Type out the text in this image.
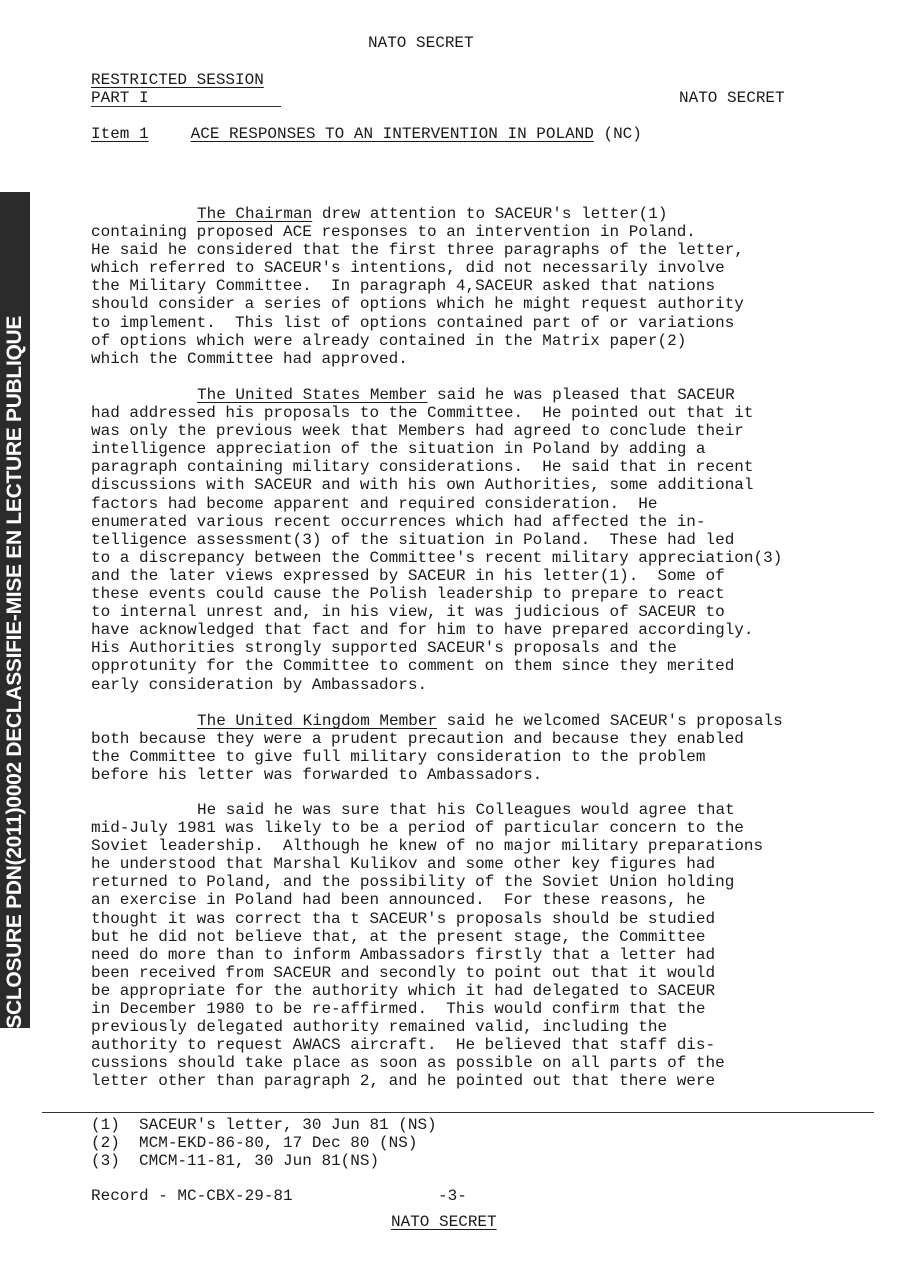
DECLASSIFIED-PUBLIC DISCLOSURE PDN(2011)0002 DECLASSIFIE-MISE EN LECTURE PUBLIQUE
NATO SECRET
RESTRICTED SESSION
PART I	NATO SECRET
Item 1	ACE RESPONSES TO AN INTERVENTION IN POLAND (NC)
The Chairman drew attention to SACEUR's letter(1)
containing proposed ACE responses to an intervention in Poland.
He said he considered that the first three paragraphs of the letter,
which referred to SACEUR's intentions, did not necessarily involve
the Military Committee.  In paragraph 4,SACEUR asked that nations
should consider a series of options which he might request authority
to implement.  This list of options contained part of or variations
of options which were already contained in the Matrix paper(2)
which the Committee had approved.
The United States Member said he was pleased that SACEUR
had addressed his proposals to the Committee.  He pointed out that it
was only the previous week that Members had agreed to conclude their
intelligence appreciation of the situation in Poland by adding a
paragraph containing military considerations.  He said that in recent
discussions with SACEUR and with his own Authorities, some additional
factors had become apparent and required consideration.  He
enumerated various recent occurrences which had affected the in-
telligence assessment(3) of the situation in Poland.  These had led
to a discrepancy between the Committee's recent military appreciation(3)
and the later views expressed by SACEUR in his letter(1).  Some of
these events could cause the Polish leadership to prepare to react
to internal unrest and, in his view, it was judicious of SACEUR to
have acknowledged that fact and for him to have prepared accordingly.
His Authorities strongly supported SACEUR's proposals and the
opprotunity for the Committee to comment on them since they merited
early consideration by Ambassadors.
The United Kingdom Member said he welcomed SACEUR's proposals
both because they were a prudent precaution and because they enabled
the Committee to give full military consideration to the problem
before his letter was forwarded to Ambassadors.
He said he was sure that his Colleagues would agree that
mid-July 1981 was likely to be a period of particular concern to the
Soviet leadership.  Although he knew of no major military preparations
he understood that Marshal Kulikov and some other key figures had
returned to Poland, and the possibility of the Soviet Union holding
an exercise in Poland had been announced.  For these reasons, he
thought it was correct tha t SACEUR's proposals should be studied
but he did not believe that, at the present stage, the Committee
need do more than to inform Ambassadors firstly that a letter had
been received from SACEUR and secondly to point out that it would
be appropriate for the authority which it had delegated to SACEUR
in December 1980 to be re-affirmed.  This would confirm that the
previously delegated authority remained valid, including the
authority to request AWACS aircraft.  He believed that staff dis-
cussions should take place as soon as possible on all parts of the
letter other than paragraph 2, and he pointed out that there were
(1)  SACEUR's letter, 30 Jun 81 (NS)
(2)  MCM-EKD-86-80, 17 Dec 80 (NS)
(3)  CMCM-11-81, 30 Jun 81(NS)
Record - MC-CBX-29-81	-3-
NATO SECRET
